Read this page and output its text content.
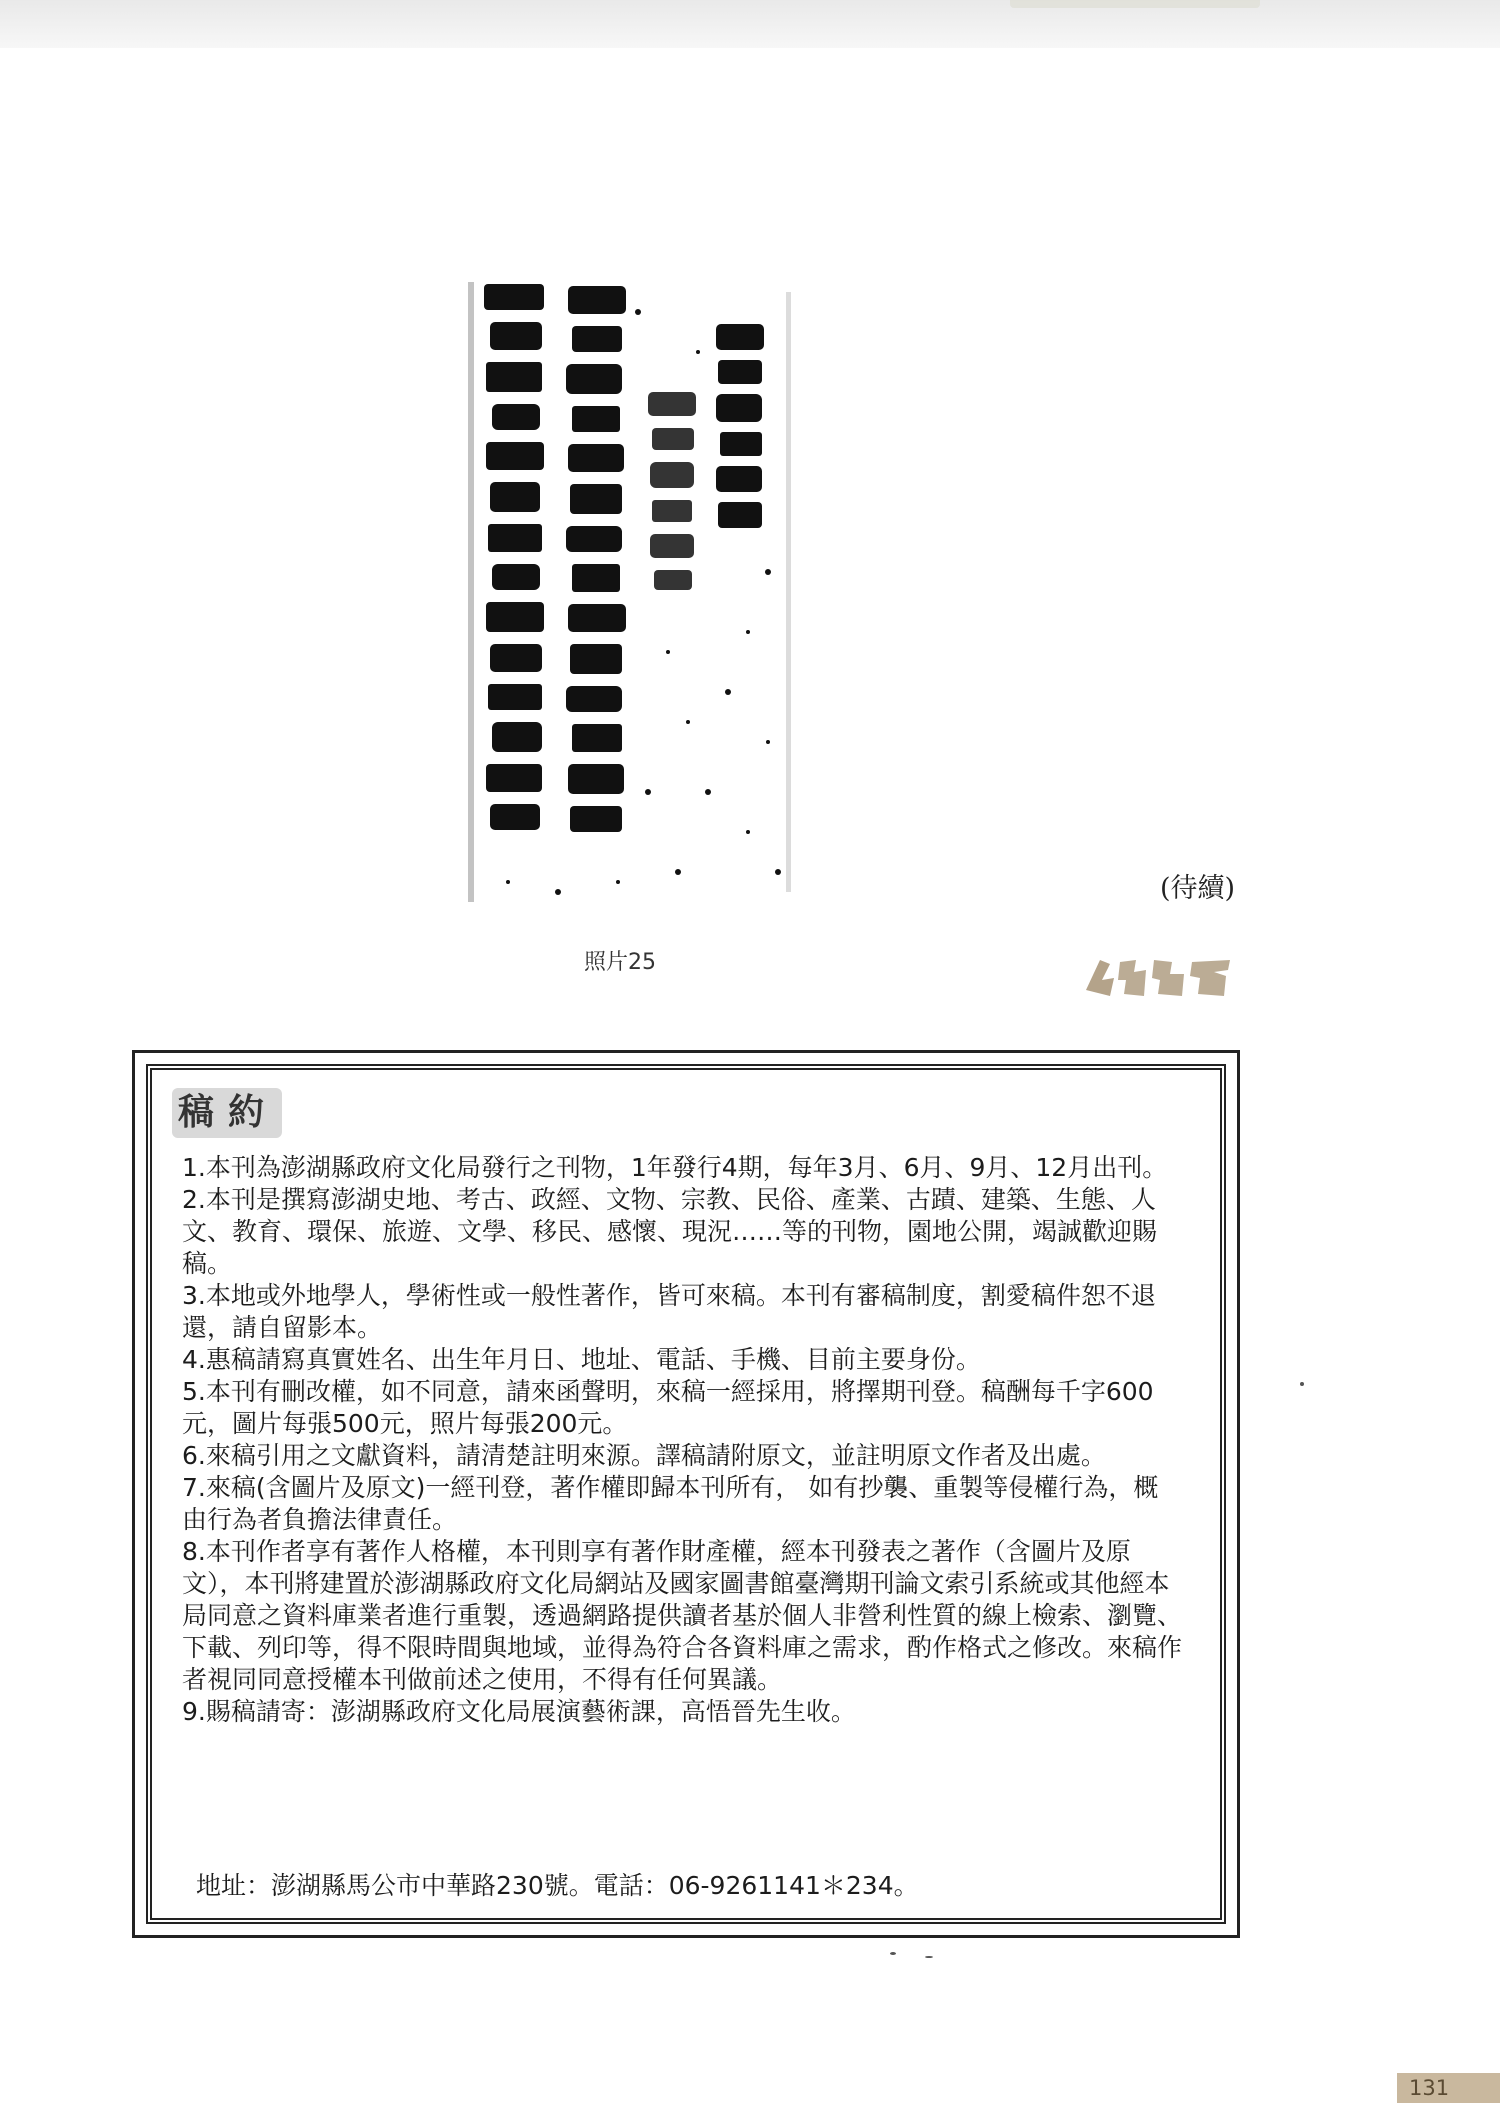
照片25
(待續)
稿約
1.本刊為澎湖縣政府文化局發行之刊物，1年發行4期，每年3月、6月、9月、12月出刊。
2.本刊是撰寫澎湖史地、考古、政經、文物、宗教、民俗、產業、古蹟、建築、生態、人文、教育、環保、旅遊、文學、移民、感懷、現況……等的刊物，園地公開，竭誠歡迎賜稿。
3.本地或外地學人，學術性或一般性著作，皆可來稿。本刊有審稿制度，割愛稿件恕不退還，請自留影本。
4.惠稿請寫真實姓名、出生年月日、地址、電話、手機、目前主要身份。
5.本刊有刪改權，如不同意，請來函聲明，來稿一經採用，將擇期刊登。稿酬每千字600元，圖片每張500元，照片每張200元。
6.來稿引用之文獻資料，請清楚註明來源。譯稿請附原文，並註明原文作者及出處。
7.來稿(含圖片及原文)一經刊登，著作權即歸本刊所有， 如有抄襲、重製等侵權行為，概由行為者負擔法律責任。
8.本刊作者享有著作人格權，本刊則享有著作財產權，經本刊發表之著作（含圖片及原文），本刊將建置於澎湖縣政府文化局網站及國家圖書館臺灣期刊論文索引系統或其他經本局同意之資料庫業者進行重製，透過網路提供讀者基於個人非營利性質的線上檢索、瀏覽、下載、列印等，得不限時間與地域，並得為符合各資料庫之需求，酌作格式之修改。來稿作者視同同意授權本刊做前述之使用，不得有任何異議。
9.賜稿請寄：澎湖縣政府文化局展演藝術課，高悟晉先生收。
地址：澎湖縣馬公市中華路230號。電話：06-9261141＊234。
131
